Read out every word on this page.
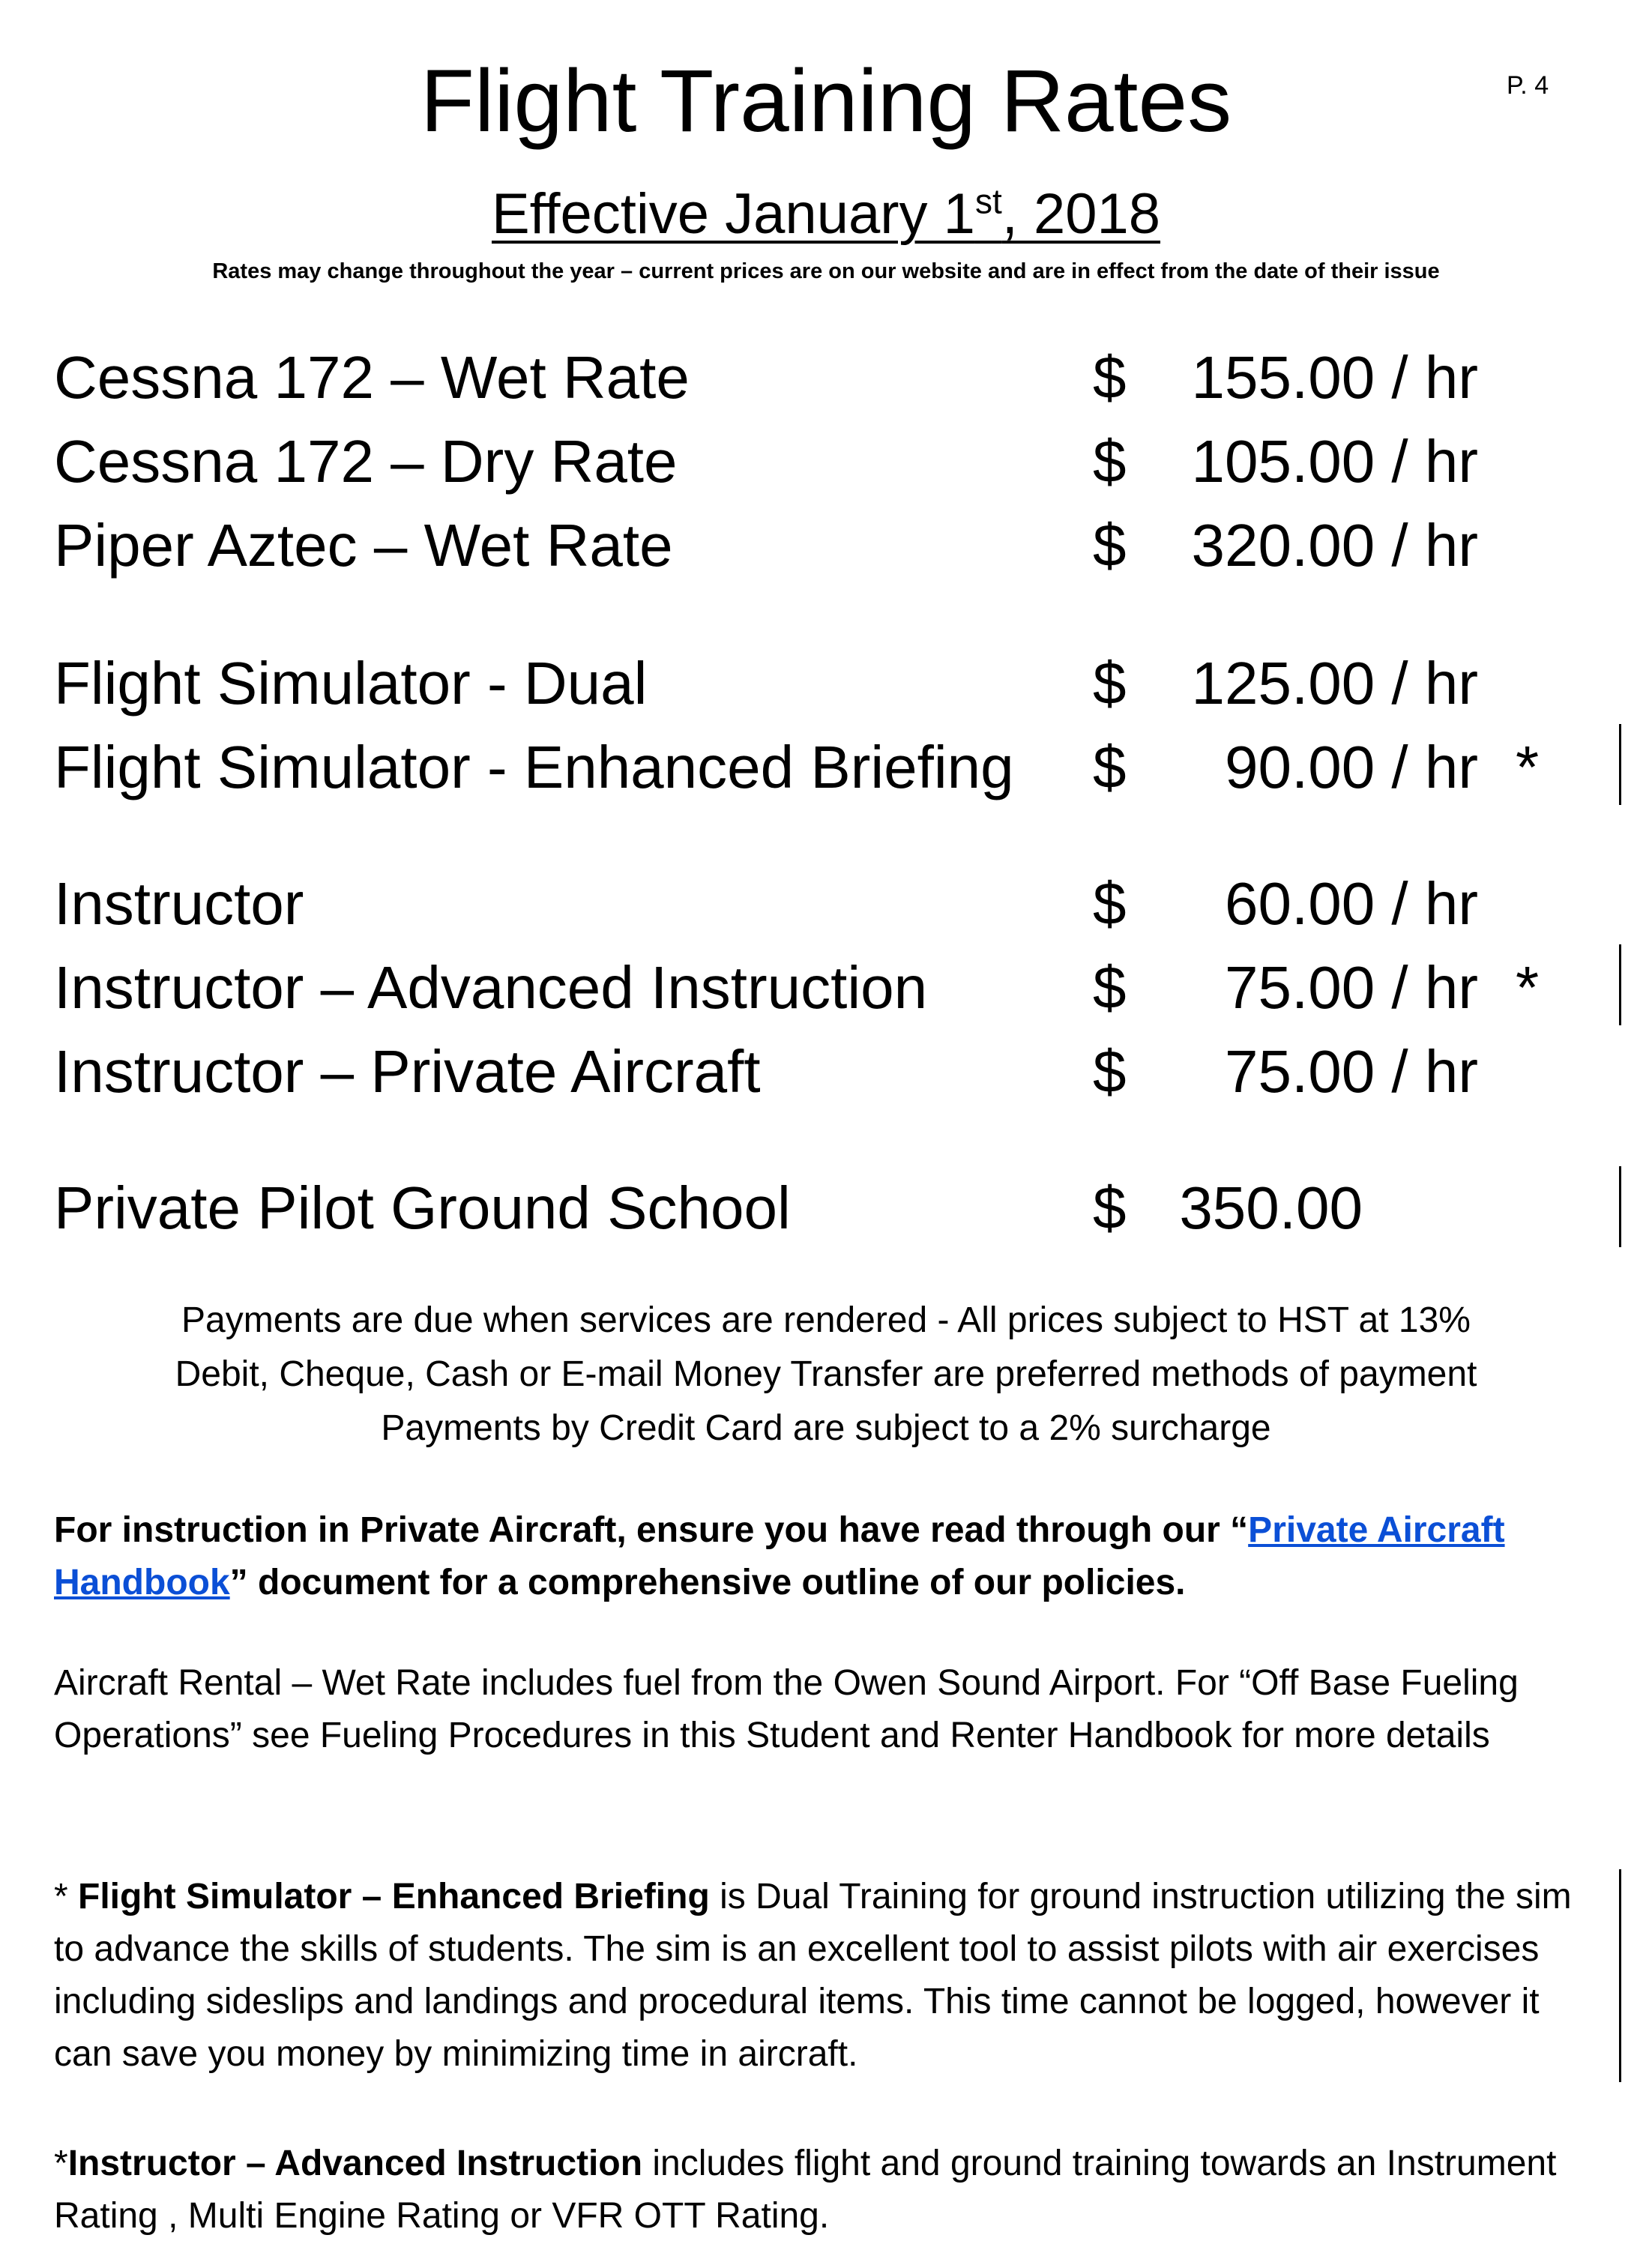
P. 4
Flight Training Rates
Effective January 1st, 2018
Rates may change throughout the year – current prices are on our website and are in effect from the date of their issue
Cessna 172 – Wet Rate	$ 155.00 / hr
Cessna 172 – Dry Rate	$ 105.00 / hr
Piper Aztec – Wet Rate	$ 320.00 / hr
Flight Simulator - Dual	$ 125.00 / hr
Flight Simulator - Enhanced Briefing $ 90.00 / hr *
Instructor	$ 60.00 / hr
Instructor – Advanced Instruction	$ 75.00 / hr *
Instructor – Private Aircraft	$ 75.00 / hr
Private Pilot Ground School	$ 350.00
Payments are due when services are rendered - All prices subject to HST at 13%
Debit, Cheque, Cash or E-mail Money Transfer are preferred methods of payment
Payments by Credit Card are subject to a 2% surcharge
For instruction in Private Aircraft, ensure you have read through our “Private Aircraft Handbook” document for a comprehensive outline of our policies.
Aircraft Rental – Wet Rate includes fuel from the Owen Sound Airport. For “Off Base Fueling Operations” see Fueling Procedures in this Student and Renter Handbook for more details
* Flight Simulator – Enhanced Briefing is Dual Training for ground instruction utilizing the sim to advance the skills of students. The sim is an excellent tool to assist pilots with air exercises including sideslips and landings and procedural items. This time cannot be logged, however it can save you money by minimizing time in aircraft.
*Instructor – Advanced Instruction includes flight and ground training towards an Instrument Rating , Multi Engine Rating or VFR OTT Rating.
